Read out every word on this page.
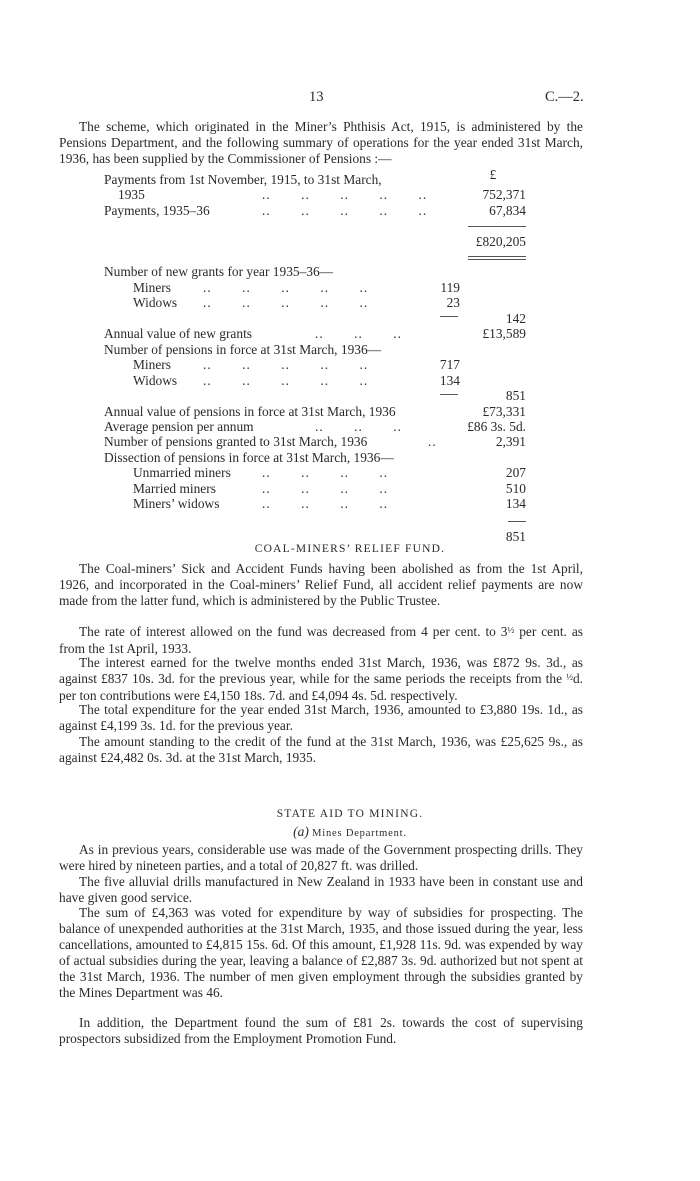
13	C.—2.

The scheme, which originated in the Miner’s Phthisis Act, 1915, is administered by the Pensions Department, and the following summary of operations for the year ended 31st March, 1936, has been supplied by the Commissioner of Pensions :—

£
Payments from 1st November, 1915, to 31st March,
1935	..       ..       ..       ..       ..	752,371
Payments, 1935–36	..       ..       ..       ..       ..	67,834
£820,205
Number of new grants for year 1935–36—
Miners ..       ..       ..       ..       ..	119
Widows ..       ..       ..       ..       ..	23
142
Annual value of new grants	..       ..       ..	£13,589
Number of pensions in force at 31st March, 1936—
Miners ..       ..       ..       ..       ..	717
Widows ..       ..       ..       ..       ..	134
851
Annual value of pensions in force at 31st March, 1936	£73,331
Average pension per annum	..       ..       ..	£86 3s. 5d.
Number of pensions granted to 31st March, 1936	..	2,391
Dissection of pensions in force at 31st March, 1936—
Unmarried miners ..       ..       ..       ..	207
Married miners	..       ..       ..       ..	510
Miners’ widows	..       ..       ..       ..	134
851
COAL-MINERS’ RELIEF FUND.

The Coal-miners’ Sick and Accident Funds having been abolished as from the 1st April, 1926, and incorporated in the Coal-miners’ Relief Fund, all accident relief payments are now made from the latter fund, which is administered by the Public Trustee.

The rate of interest allowed on the fund was decreased from 4 per cent. to $3^{\frac{1}{2}}$ per cent. as from the 1st April, 1933.

The interest earned for the twelve months ended 31st March, 1936, was £872 9s. 3d., as against £837 10s. 3d. for the previous year, while for the same periods the receipts from the $^{\frac{1}{2}}$d. per ton contributions were £4,150 18s. 7d. and £4,094 4s. 5d. respectively.

The total expenditure for the year ended 31st March, 1936, amounted to £3,880 19s. 1d., as against £4,199 3s. 1d. for the previous year.

The amount standing to the credit of the fund at the 31st March, 1936, was £25,625 9s., as against £24,482 0s. 3d. at the 31st March, 1935.

STATE AID TO MINING.
(a) Mines Department.

As in previous years, considerable use was made of the Government prospecting drills. They were hired by nineteen parties, and a total of 20,827 ft. was drilled.

The five alluvial drills manufactured in New Zealand in 1933 have been in constant use and have given good service.

The sum of £4,363 was voted for expenditure by way of subsidies for prospecting. The balance of unexpended authorities at the 31st March, 1935, and those issued during the year, less cancellations, amounted to £4,815 15s. 6d. Of this amount, £1,928 11s. 9d. was expended by way of actual subsidies during the year, leaving a balance of £2,887 3s. 9d. authorized but not spent at the 31st March, 1936. The number of men given employment through the subsidies granted by the Mines Department was 46.

In addition, the Department found the sum of £81 2s. towards the cost of supervising prospectors subsidized from the Employment Promotion Fund.
